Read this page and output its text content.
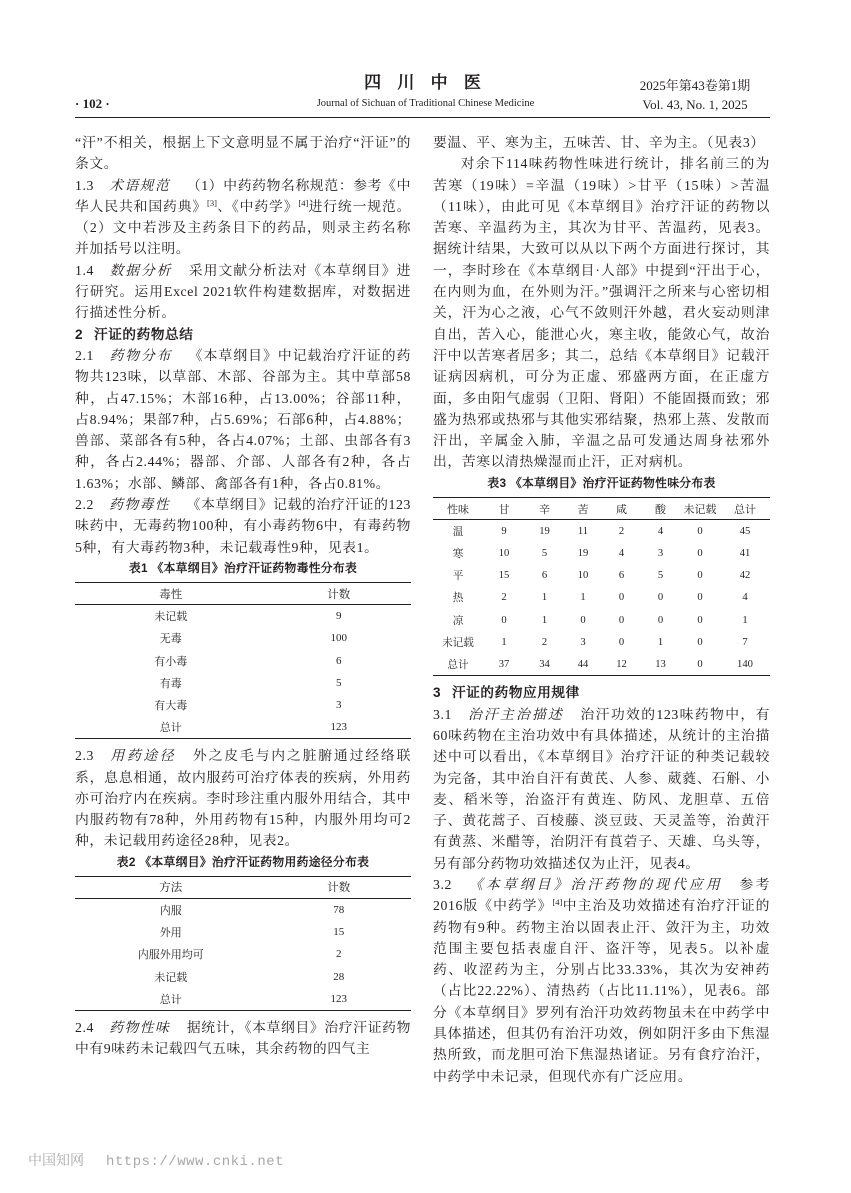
· 102 ·
四 川 中 医
Journal of Sichuan of Traditional Chinese Medicine
2025年第43卷第1期
Vol. 43, No. 1, 2025

“汗”不相关，根据上下文意明显不属于治疗“汗证”的条文。

1.3 术语规范 （1）中药药物名称规范：参考《中华人民共和国药典》[3]、《中药学》[4]进行统一规范。（2）文中若涉及主药条目下的药品，则录主药名称并加括号以注明。

1.4 数据分析 采用文献分析法对《本草纲目》进行研究。运用Excel 2021软件构建数据库，对数据进行描述性分析。

2 汗证的药物总结

2.1 药物分布 《本草纲目》中记载治疗汗证的药物共123味，以草部、木部、谷部为主。其中草部58种，占47.15%；木部16种，占13.00%；谷部11种，占8.94%；果部7种，占5.69%；石部6种，占4.88%；兽部、菜部各有5种，各占4.07%；土部、虫部各有3种，各占2.44%；器部、介部、人部各有2种，各占1.63%；水部、鳞部、禽部各有1种，各占0.81%。

2.2 药物毒性 《本草纲目》记载的治疗汗证的123味药中，无毒药物100种，有小毒药物6中，有毒药物5种，有大毒药物3种，未记载毒性9种，见表1。

表1 《本草纲目》治疗汗证药物毒性分布表
毒性	计数
未记载	9
无毒	100
有小毒	6
有毒	5
有大毒	3
总计	123

2.3 用药途径 外之皮毛与内之脏腑通过经络联系，息息相通，故内服药可治疗体表的疾病，外用药亦可治疗内在疾病。李时珍注重内服外用结合，其中内服药物有78种，外用药物有15种，内服外用均可2种，未记载用药途径28种，见表2。

表2 《本草纲目》治疗汗证药物用药途径分布表
方法	计数
内服	78
外用	15
内服外用均可	2
未记载	28
总计	123

2.4 药物性味 据统计，《本草纲目》治疗汗证药物中有9味药未记载四气五味，其余药物的四气主

要温、平、寒为主，五味苦、甘、辛为主。（见表3）

对余下114味药物性味进行统计，排名前三的为苦寒（19味）=辛温（19味）>甘平（15味）>苦温（11味），由此可见《本草纲目》治疗汗证的药物以苦寒、辛温药为主，其次为甘平、苦温药，见表3。据统计结果，大致可以从以下两个方面进行探讨，其一，李时珍在《本草纲目·人部》中提到“汗出于心，在内则为血，在外则为汗。”强调汗之所来与心密切相关，汗为心之液，心气不敛则汗外越，君火妄动则津自出，苦入心，能泄心火，寒主收，能敛心气，故治汗中以苦寒者居多；其二，总结《本草纲目》记载汗证病因病机，可分为正虚、邪盛两方面，在正虚方面，多由阳气虚弱（卫阳、肾阳）不能固摄而致；邪盛为热邪或热邪与其他实邪结聚，热邪上蒸、发散而汗出，辛属金入肺，辛温之品可发通达周身祛邪外出，苦寒以清热燥湿而止汗，正对病机。

表3 《本草纲目》治疗汗证药物性味分布表
性味	甘	辛	苦	咸	酸	未记载	总计
温	9	19	11	2	4	0	45
寒	10	5	19	4	3	0	41
平	15	6	10	6	5	0	42
热	2	1	1	0	0	0	4
凉	0	1	0	0	0	0	1
未记载	1	2	3	0	1	0	7
总计	37	34	44	12	13	0	140

3 汗证的药物应用规律

3.1 治汗主治描述 治汗功效的123味药物中，有60味药物在主治功效中有具体描述，从统计的主治描述中可以看出，《本草纲目》治疗汗证的种类记载较为完备，其中治自汗有黄芪、人参、葳蕤、石斛、小麦、稻米等，治盗汗有黄连、防风、龙胆草、五倍子、黄花蒿子、百棱藤、淡豆豉、天灵盖等，治黄汗有黄蒸、米醋等，治阴汗有莨菪子、天雄、乌头等，另有部分药物功效描述仅为止汗，见表4。

3.2 《本草纲目》治汗药物的现代应用 参考2016版《中药学》[4]中主治及功效描述有治疗汗证的药物有9种。药物主治以固表止汗、敛汗为主，功效范围主要包括表虚自汗、盗汗等，见表5。以补虚药、收涩药为主，分别占比33.33%，其次为安神药（占比22.22%）、清热药（占比11.11%），见表6。部分《本草纲目》罗列有治汗功效药物虽未在中药学中具体描述，但其仍有治汗功效，例如阴汗多由下焦湿热所致，而龙胆可治下焦湿热诸证。另有食疗治汗，中药学中未记录，但现代亦有广泛应用。

中国知网 https://www.cnki.net
